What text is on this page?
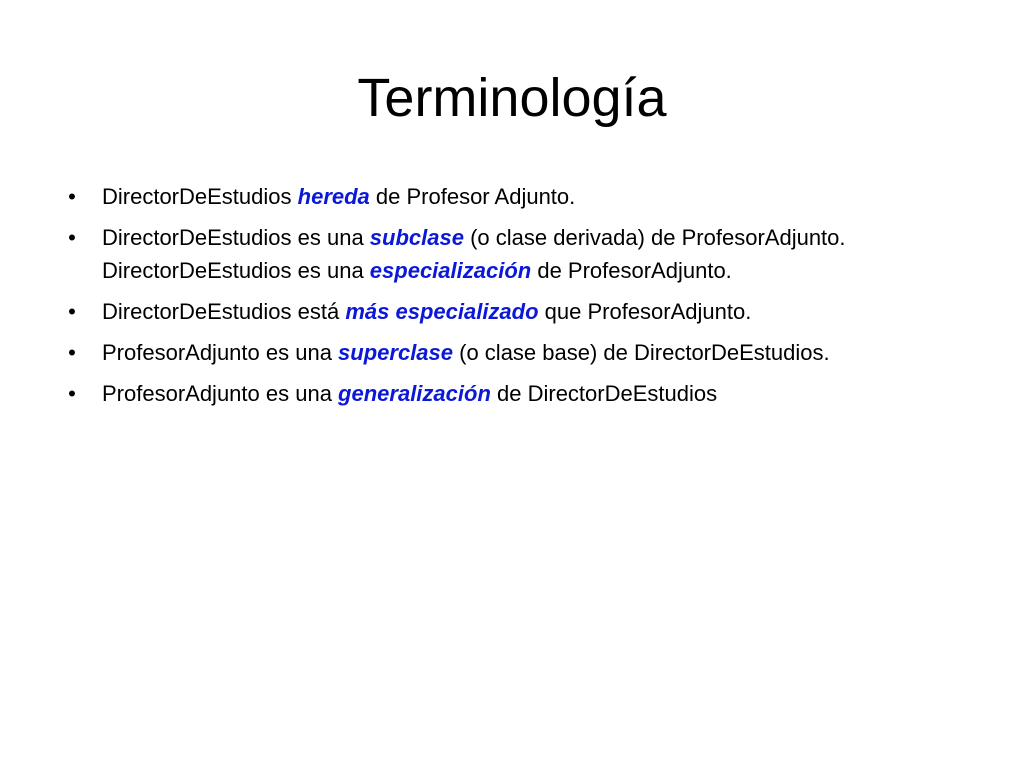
Terminología
• DirectorDeEstudios hereda de Profesor Adjunto.
• DirectorDeEstudios es una subclase (o clase derivada) de ProfesorAdjunto.
DirectorDeEstudios es una especialización de ProfesorAdjunto.
• DirectorDeEstudios está más especializado que ProfesorAdjunto.
• ProfesorAdjunto es una superclase (o clase base) de DirectorDeEstudios.
• ProfesorAdjunto es una generalización de DirectorDeEstudios
